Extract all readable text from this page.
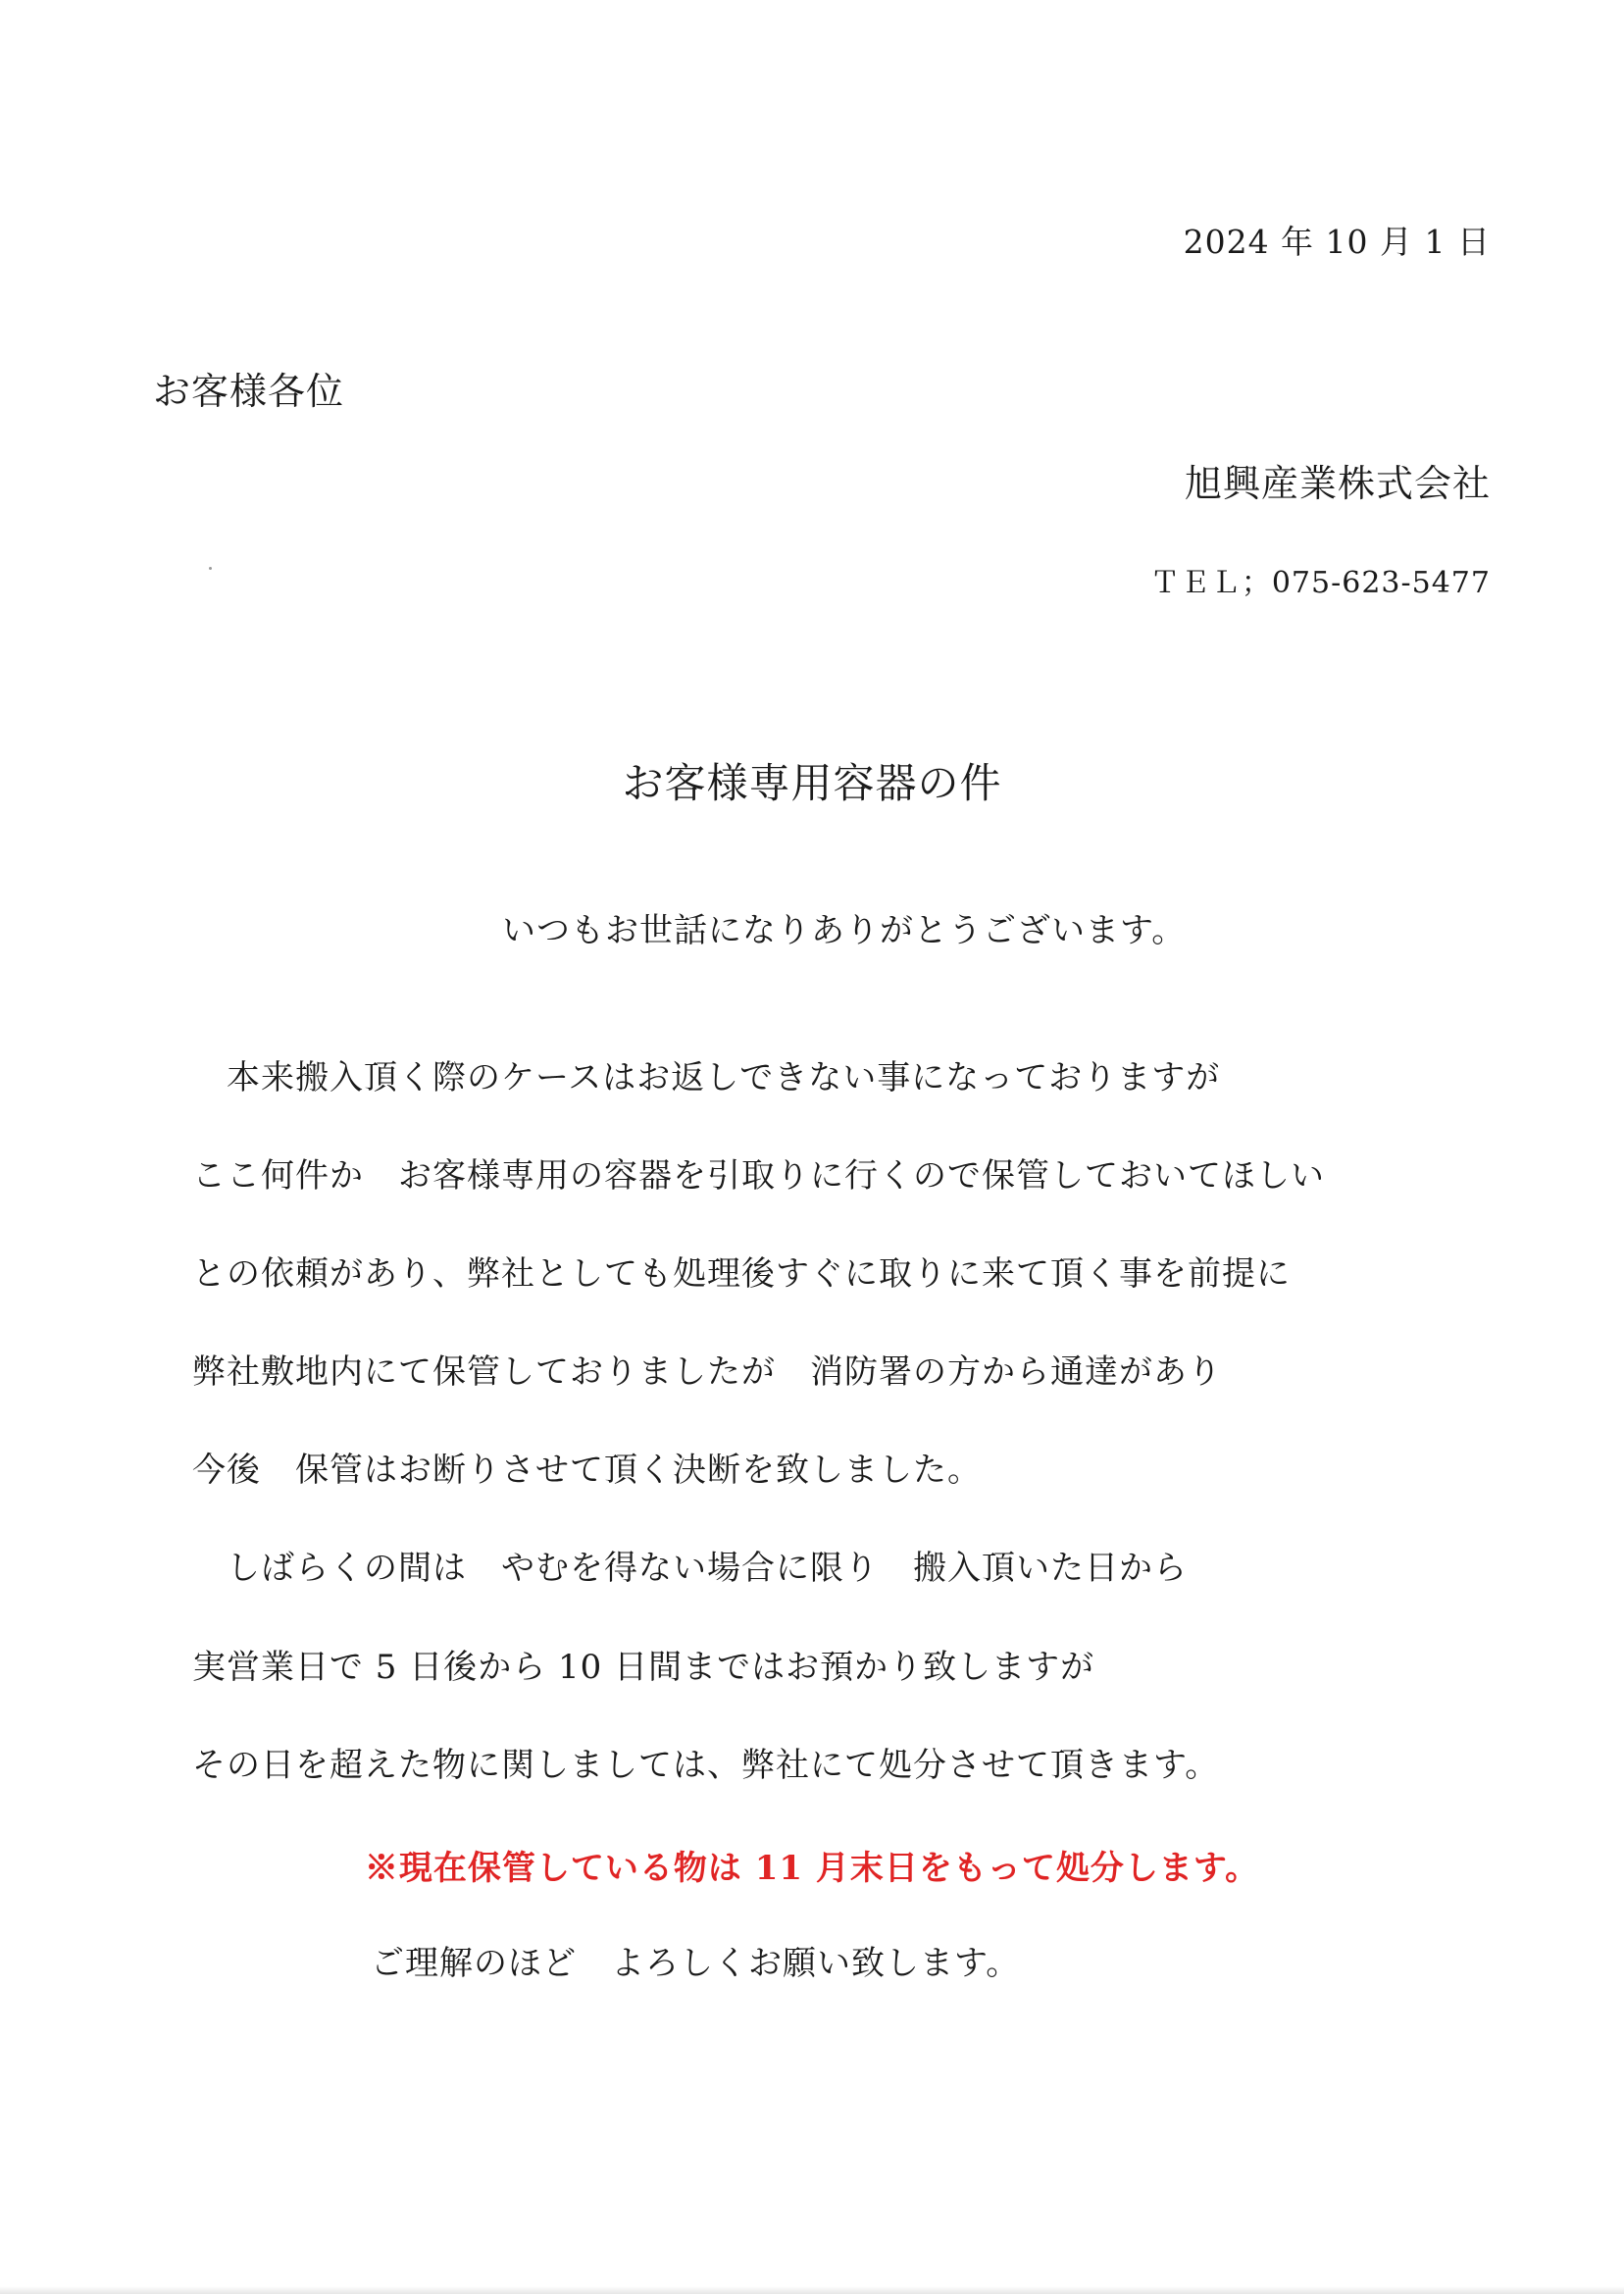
2024 年 10 月 1 日
お客様各位
旭興産業株式会社
ＴＥＬ；075-623-5477
お客様専用容器の件
いつもお世話になりありがとうございます。
　本来搬入頂く際のケースはお返しできない事になっておりますが
ここ何件か　お客様専用の容器を引取りに行くので保管しておいてほしい
との依頼があり、弊社としても処理後すぐに取りに来て頂く事を前提に
弊社敷地内にて保管しておりましたが　消防署の方から通達があり
今後　保管はお断りさせて頂く決断を致しました。
　しばらくの間は　やむを得ない場合に限り　搬入頂いた日から
実営業日で 5 日後から 10 日間まではお預かり致しますが
その日を超えた物に関しましては、弊社にて処分させて頂きます。
※現在保管している物は 11 月末日をもって処分します。
ご理解のほど　よろしくお願い致します。
